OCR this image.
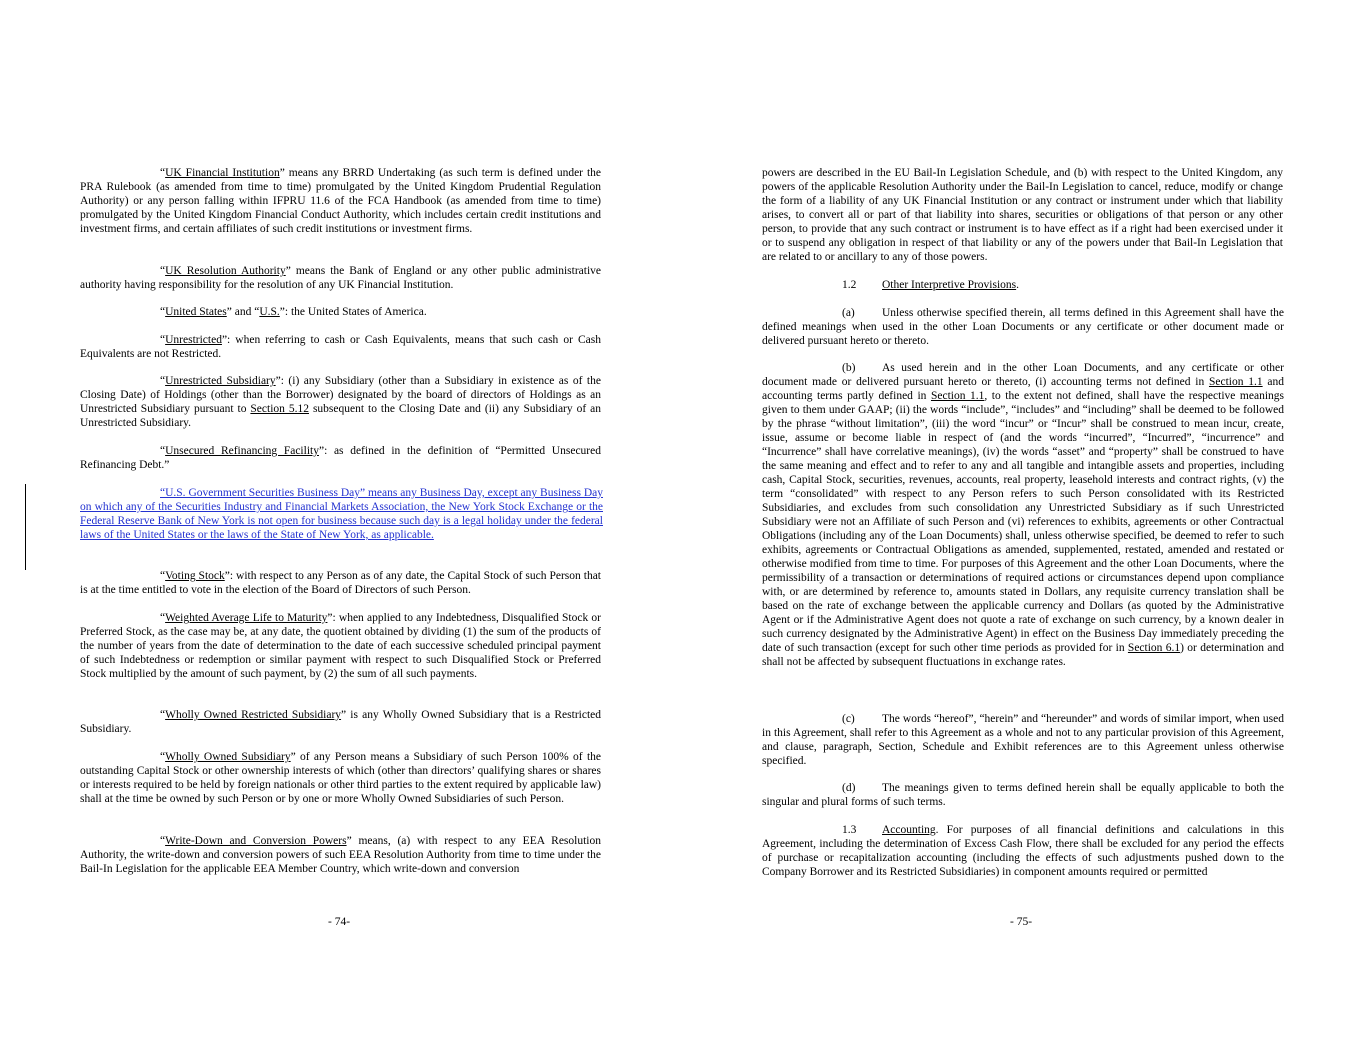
“UK Financial Institution” means any BRRD Undertaking (as such term is defined under the PRA Rulebook (as amended from time to time) promulgated by the United Kingdom Prudential Regulation Authority) or any person falling within IFPRU 11.6 of the FCA Handbook (as amended from time to time) promulgated by the United Kingdom Financial Conduct Authority, which includes certain credit institutions and investment firms, and certain affiliates of such credit institutions or investment firms.

“UK Resolution Authority” means the Bank of England or any other public administrative authority having responsibility for the resolution of any UK Financial Institution.

“United States” and “U.S.”: the United States of America.

“Unrestricted”: when referring to cash or Cash Equivalents, means that such cash or Cash Equivalents are not Restricted.

“Unrestricted Subsidiary”: (i) any Subsidiary (other than a Subsidiary in existence as of the Closing Date) of Holdings (other than the Borrower) designated by the board of directors of Holdings as an Unrestricted Subsidiary pursuant to Section 5.12 subsequent to the Closing Date and (ii) any Subsidiary of an Unrestricted Subsidiary.

“Unsecured Refinancing Facility”: as defined in the definition of “Permitted Unsecured Refinancing Debt.”

“U.S. Government Securities Business Day” means any Business Day, except any Business Day on which any of the Securities Industry and Financial Markets Association, the New York Stock Exchange or the Federal Reserve Bank of New York is not open for business because such day is a legal holiday under the federal laws of the United States or the laws of the State of New York, as applicable.

“Voting Stock”: with respect to any Person as of any date, the Capital Stock of such Person that is at the time entitled to vote in the election of the Board of Directors of such Person.

“Weighted Average Life to Maturity”: when applied to any Indebtedness, Disqualified Stock or Preferred Stock, as the case may be, at any date, the quotient obtained by dividing (1) the sum of the products of the number of years from the date of determination to the date of each successive scheduled principal payment of such Indebtedness or redemption or similar payment with respect to such Disqualified Stock or Preferred Stock multiplied by the amount of such payment, by (2) the sum of all such payments.

“Wholly Owned Restricted Subsidiary” is any Wholly Owned Subsidiary that is a Restricted Subsidiary.

“Wholly Owned Subsidiary” of any Person means a Subsidiary of such Person 100% of the outstanding Capital Stock or other ownership interests of which (other than directors’ qualifying shares or shares or interests required to be held by foreign nationals or other third parties to the extent required by applicable law) shall at the time be owned by such Person or by one or more Wholly Owned Subsidiaries of such Person.

“Write-Down and Conversion Powers” means, (a) with respect to any EEA Resolution Authority, the write-down and conversion powers of such EEA Resolution Authority from time to time under the Bail-In Legislation for the applicable EEA Member Country, which write-down and conversion

- 74-

powers are described in the EU Bail-In Legislation Schedule, and (b) with respect to the United Kingdom, any powers of the applicable Resolution Authority under the Bail-In Legislation to cancel, reduce, modify or change the form of a liability of any UK Financial Institution or any contract or instrument under which that liability arises, to convert all or part of that liability into shares, securities or obligations of that person or any other person, to provide that any such contract or instrument is to have effect as if a right had been exercised under it or to suspend any obligation in respect of that liability or any of the powers under that Bail-In Legislation that are related to or ancillary to any of those powers.

1.2 Other Interpretive Provisions.

(a) Unless otherwise specified therein, all terms defined in this Agreement shall have the defined meanings when used in the other Loan Documents or any certificate or other document made or delivered pursuant hereto or thereto.

(b) As used herein and in the other Loan Documents, and any certificate or other document made or delivered pursuant hereto or thereto, (i) accounting terms not defined in Section 1.1 and accounting terms partly defined in Section 1.1, to the extent not defined, shall have the respective meanings given to them under GAAP; (ii) the words “include”, “includes” and “including” shall be deemed to be followed by the phrase “without limitation”, (iii) the word “incur” or “Incur” shall be construed to mean incur, create, issue, assume or become liable in respect of (and the words “incurred”, “Incurred”, “incurrence” and “Incurrence” shall have correlative meanings), (iv) the words “asset” and “property” shall be construed to have the same meaning and effect and to refer to any and all tangible and intangible assets and properties, including cash, Capital Stock, securities, revenues, accounts, real property, leasehold interests and contract rights, (v) the term “consolidated” with respect to any Person refers to such Person consolidated with its Restricted Subsidiaries, and excludes from such consolidation any Unrestricted Subsidiary as if such Unrestricted Subsidiary were not an Affiliate of such Person and (vi) references to exhibits, agreements or other Contractual Obligations (including any of the Loan Documents) shall, unless otherwise specified, be deemed to refer to such exhibits, agreements or Contractual Obligations as amended, supplemented, restated, amended and restated or otherwise modified from time to time. For purposes of this Agreement and the other Loan Documents, where the permissibility of a transaction or determinations of required actions or circumstances depend upon compliance with, or are determined by reference to, amounts stated in Dollars, any requisite currency translation shall be based on the rate of exchange between the applicable currency and Dollars (as quoted by the Administrative Agent or if the Administrative Agent does not quote a rate of exchange on such currency, by a known dealer in such currency designated by the Administrative Agent) in effect on the Business Day immediately preceding the date of such transaction (except for such other time periods as provided for in Section 6.1) or determination and shall not be affected by subsequent fluctuations in exchange rates.

(c) The words “hereof”, “herein” and “hereunder” and words of similar import, when used in this Agreement, shall refer to this Agreement as a whole and not to any particular provision of this Agreement, and clause, paragraph, Section, Schedule and Exhibit references are to this Agreement unless otherwise specified.

(d) The meanings given to terms defined herein shall be equally applicable to both the singular and plural forms of such terms.

1.3 Accounting. For purposes of all financial definitions and calculations in this Agreement, including the determination of Excess Cash Flow, there shall be excluded for any period the effects of purchase or recapitalization accounting (including the effects of such adjustments pushed down to the Company Borrower and its Restricted Subsidiaries) in component amounts required or permitted

- 75-
